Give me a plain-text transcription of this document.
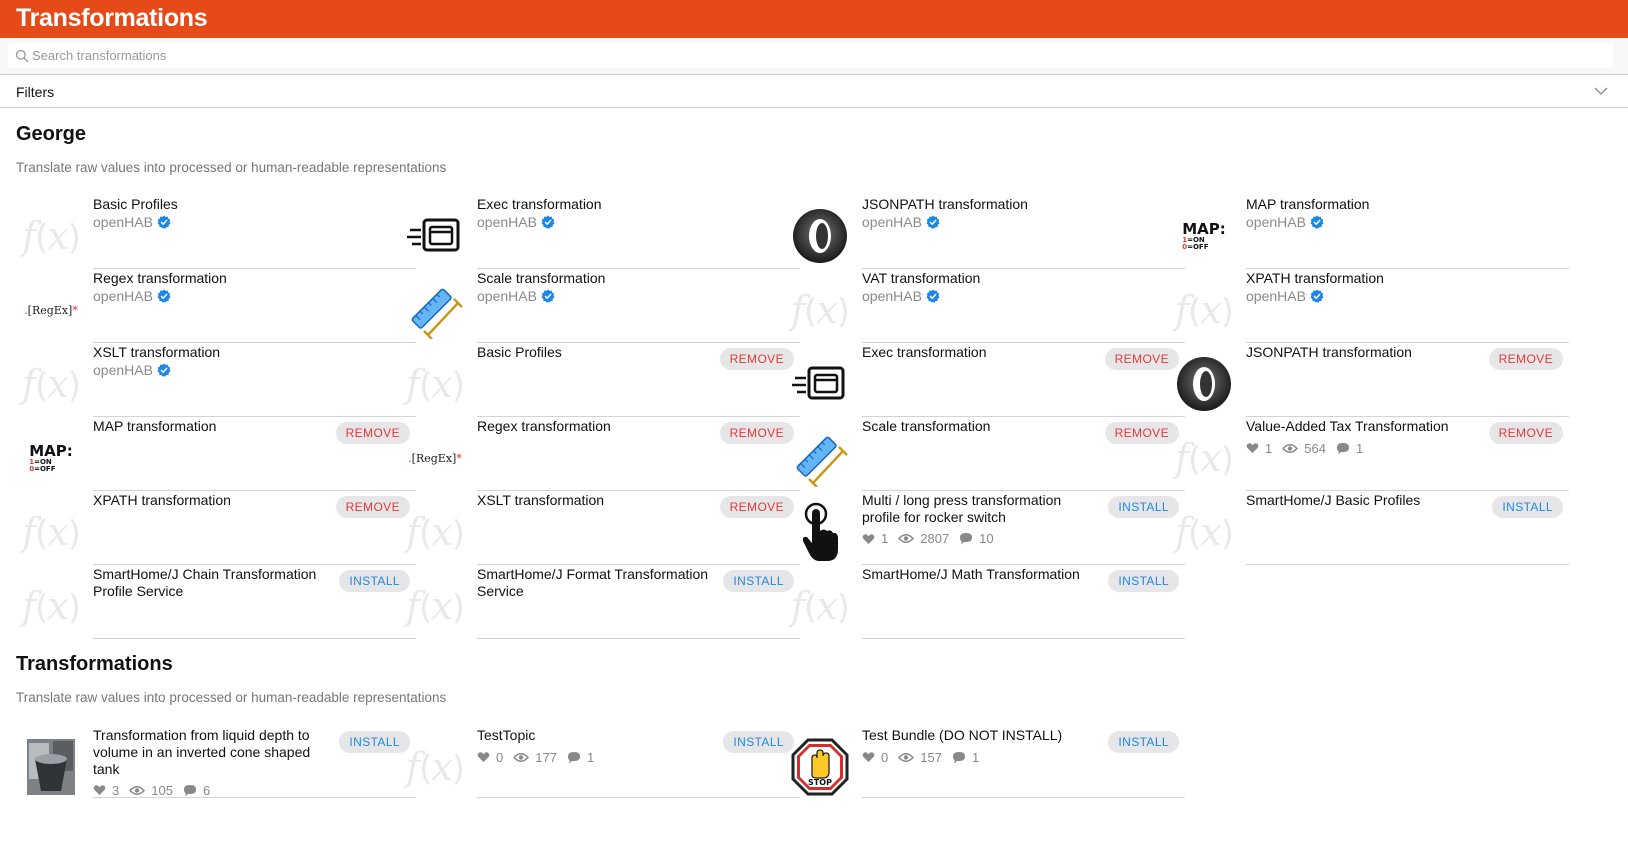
Transformations
Search transformations
Filters
George
Translate raw values into processed or human-readable representations
Transformations
Translate raw values into processed or human-readable representations
f(x)
Basic Profiles
openHAB
Exec transformation
openHAB
JSONPATH transformation
openHAB	MAP:
1=ON
0=OFF
MAP transformation
openHAB
.[RegEx]*
Regex transformation
openHAB
Scale transformation
openHAB	f(x)
VAT transformation
openHAB	f(x)
XPATH transformation
openHAB
f(x)
XSLT transformation
openHAB	f(x)
Basic Profiles	REMOVE	Exec transformation	REMOVE	JSONPATH transformation	REMOVE
MAP:
1=ON
0=OFF
MAP transformation	REMOVE
.[RegEx]*
Regex transformation	REMOVE	Scale transformation	REMOVE
f(x)
Value-Added Tax Transformation
1 564 1
REMOVE
f(x)
XPATH transformation	REMOVE
f(x)
XSLT transformation	REMOVE	Multi / long press transformation profile for rocker switch
1 2807 10
INSTALL
f(x)
SmartHome/J Basic Profiles	INSTALL
f(x)
SmartHome/J Chain Transformation Profile Service
INSTALL
f(x)
SmartHome/J Format Transformation Service
INSTALL
f(x)
SmartHome/J Math Transformation	INSTALL
Transformation from liquid depth to volume in an inverted cone shaped tank
3 105 6
INSTALL
f(x)
TestTopic
0 177 1
INSTALL
STOP
Test Bundle (DO NOT INSTALL)
0 157 1
INSTALL
